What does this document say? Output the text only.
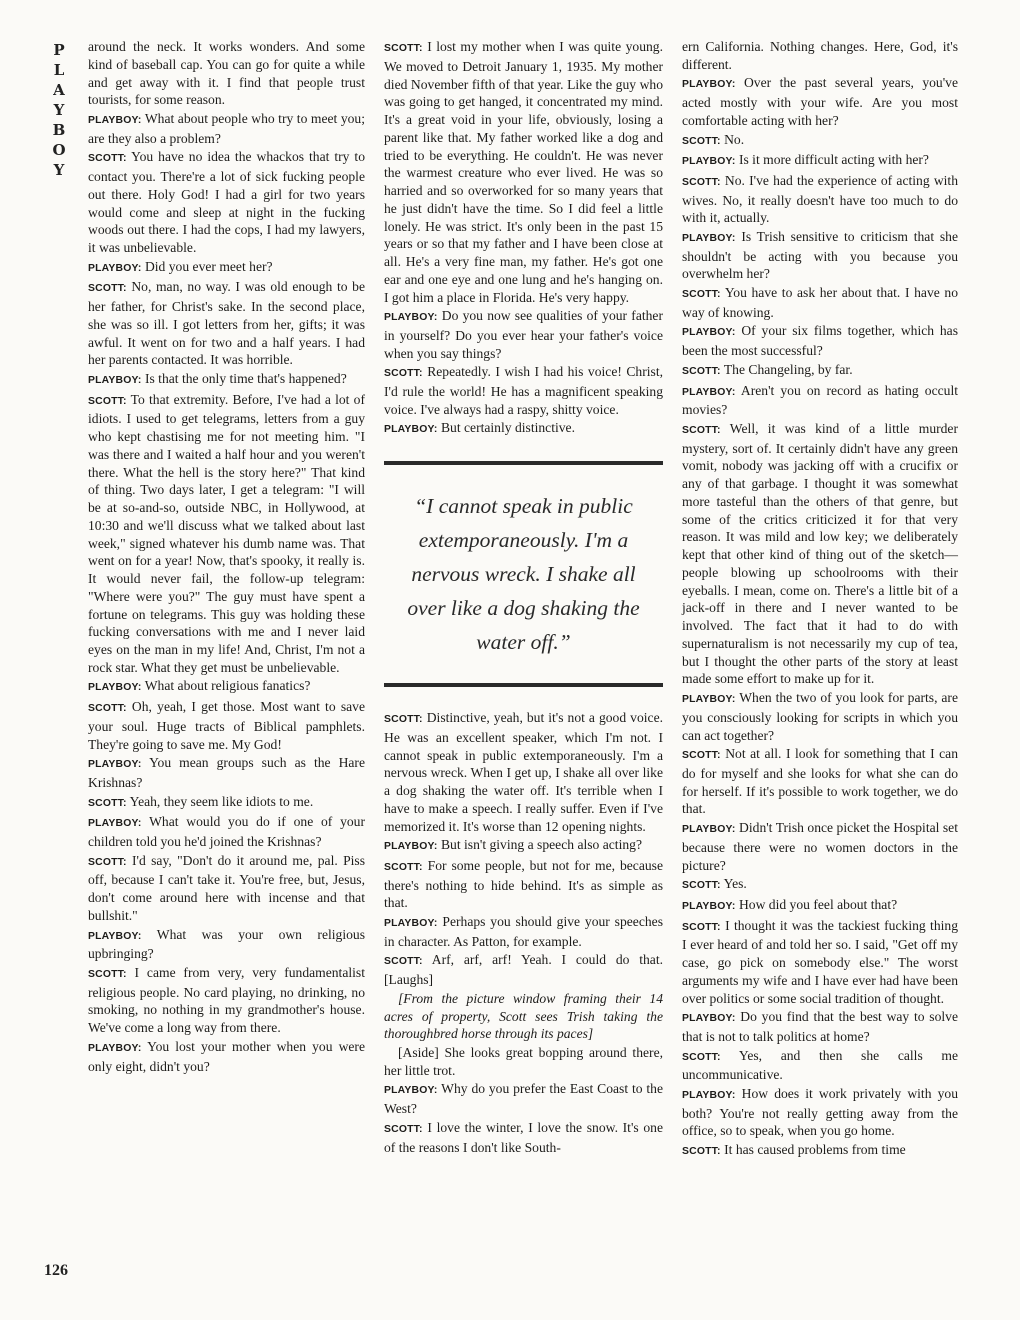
P
L
A
Y
B
O
Y

around the neck. It works wonders. And some kind of baseball cap. You can go for quite a while and get away with it. I find that people trust tourists, for some reason.

PLAYBOY: What about people who try to meet you; are they also a problem?

SCOTT: You have no idea the whackos that try to contact you. There're a lot of sick fucking people out there. Holy God! I had a girl for two years would come and sleep at night in the fucking woods out there. I had the cops, I had my lawyers, it was unbelievable.

PLAYBOY: Did you ever meet her?

SCOTT: No, man, no way. I was old enough to be her father, for Christ's sake. In the second place, she was so ill. I got letters from her, gifts; it was awful. It went on for two and a half years. I had her parents contacted. It was horrible.

PLAYBOY: Is that the only time that's happened?

SCOTT: To that extremity. Before, I've had a lot of idiots. I used to get telegrams, letters from a guy who kept chastising me for not meeting him. "I was there and I waited a half hour and you weren't there. What the hell is the story here?" That kind of thing. Two days later, I get a telegram: "I will be at so-and-so, outside NBC, in Hollywood, at 10:30 and we'll discuss what we talked about last week," signed whatever his dumb name was. That went on for a year! Now, that's spooky, it really is. It would never fail, the follow-up telegram: "Where were you?" The guy must have spent a fortune on telegrams. This guy was holding these fucking conversations with me and I never laid eyes on the man in my life! And, Christ, I'm not a rock star. What they get must be unbelievable.

PLAYBOY: What about religious fanatics?

SCOTT: Oh, yeah, I get those. Most want to save your soul. Huge tracts of Biblical pamphlets. They're going to save me. My God!

PLAYBOY: You mean groups such as the Hare Krishnas?

SCOTT: Yeah, they seem like idiots to me.

PLAYBOY: What would you do if one of your children told you he'd joined the Krishnas?

SCOTT: I'd say, "Don't do it around me, pal. Piss off, because I can't take it. You're free, but, Jesus, don't come around here with incense and that bullshit."

PLAYBOY: What was your own religious upbringing?

SCOTT: I came from very, very fundamentalist religious people. No card playing, no drinking, no smoking, no nothing in my grandmother's house. We've come a long way from there.

PLAYBOY: You lost your mother when you were only eight, didn't you?

SCOTT: I lost my mother when I was quite young. We moved to Detroit January 1, 1935. My mother died November fifth of that year. Like the guy who was going to get hanged, it concentrated my mind. It's a great void in your life, obviously, losing a parent like that. My father worked like a dog and tried to be everything. He couldn't. He was never the warmest creature who ever lived. He was so harried and so overworked for so many years that he just didn't have the time. So I did feel a little lonely. He was strict. It's only been in the past 15 years or so that my father and I have been close at all. He's a very fine man, my father. He's got one ear and one eye and one lung and he's hanging on. I got him a place in Florida. He's very happy.

PLAYBOY: Do you now see qualities of your father in yourself? Do you ever hear your father's voice when you say things?

SCOTT: Repeatedly. I wish I had his voice! Christ, I'd rule the world! He has a magnificent speaking voice. I've always had a raspy, shitty voice.

PLAYBOY: But certainly distinctive.

“I cannot speak in public extemporaneously. I'm a nervous wreck. I shake all over like a dog shaking the water off.”

SCOTT: Distinctive, yeah, but it's not a good voice. He was an excellent speaker, which I'm not. I cannot speak in public extemporaneously. I'm a nervous wreck. When I get up, I shake all over like a dog shaking the water off. It's terrible when I have to make a speech. I really suffer. Even if I've memorized it. It's worse than 12 opening nights.

PLAYBOY: But isn't giving a speech also acting?

SCOTT: For some people, but not for me, because there's nothing to hide behind. It's as simple as that.

PLAYBOY: Perhaps you should give your speeches in character. As Patton, for example.

SCOTT: Arf, arf, arf! Yeah. I could do that. [Laughs]

[From the picture window framing their 14 acres of property, Scott sees Trish taking the thoroughbred horse through its paces]

[Aside] She looks great bopping around there, her little trot.

PLAYBOY: Why do you prefer the East Coast to the West?

SCOTT: I love the winter, I love the snow. It's one of the reasons I don't like South-

ern California. Nothing changes. Here, God, it's different.

PLAYBOY: Over the past several years, you've acted mostly with your wife. Are you most comfortable acting with her?

SCOTT: No.

PLAYBOY: Is it more difficult acting with her?

SCOTT: No. I've had the experience of acting with wives. No, it really doesn't have too much to do with it, actually.

PLAYBOY: Is Trish sensitive to criticism that she shouldn't be acting with you because you overwhelm her?

SCOTT: You have to ask her about that. I have no way of knowing.

PLAYBOY: Of your six films together, which has been the most successful?

SCOTT: The Changeling, by far.

PLAYBOY: Aren't you on record as hating occult movies?

SCOTT: Well, it was kind of a little murder mystery, sort of. It certainly didn't have any green vomit, nobody was jacking off with a crucifix or any of that garbage. I thought it was somewhat more tasteful than the others of that genre, but some of the critics criticized it for that very reason. It was mild and low key; we deliberately kept that other kind of thing out of the sketch—people blowing up schoolrooms with their eyeballs. I mean, come on. There's a little bit of a jack-off in there and I never wanted to be involved. The fact that it had to do with supernaturalism is not necessarily my cup of tea, but I thought the other parts of the story at least made some effort to make up for it.

PLAYBOY: When the two of you look for parts, are you consciously looking for scripts in which you can act together?

SCOTT: Not at all. I look for something that I can do for myself and she looks for what she can do for herself. If it's possible to work together, we do that.

PLAYBOY: Didn't Trish once picket the Hospital set because there were no women doctors in the picture?

SCOTT: Yes.

PLAYBOY: How did you feel about that?

SCOTT: I thought it was the tackiest fucking thing I ever heard of and told her so. I said, "Get off my case, go pick on somebody else." The worst arguments my wife and I have ever had have been over politics or some social tradition of thought.

PLAYBOY: Do you find that the best way to solve that is not to talk politics at home?

SCOTT: Yes, and then she calls me uncommunicative.

PLAYBOY: How does it work privately with you both? You're not really getting away from the office, so to speak, when you go home.

SCOTT: It has caused problems from time

126
